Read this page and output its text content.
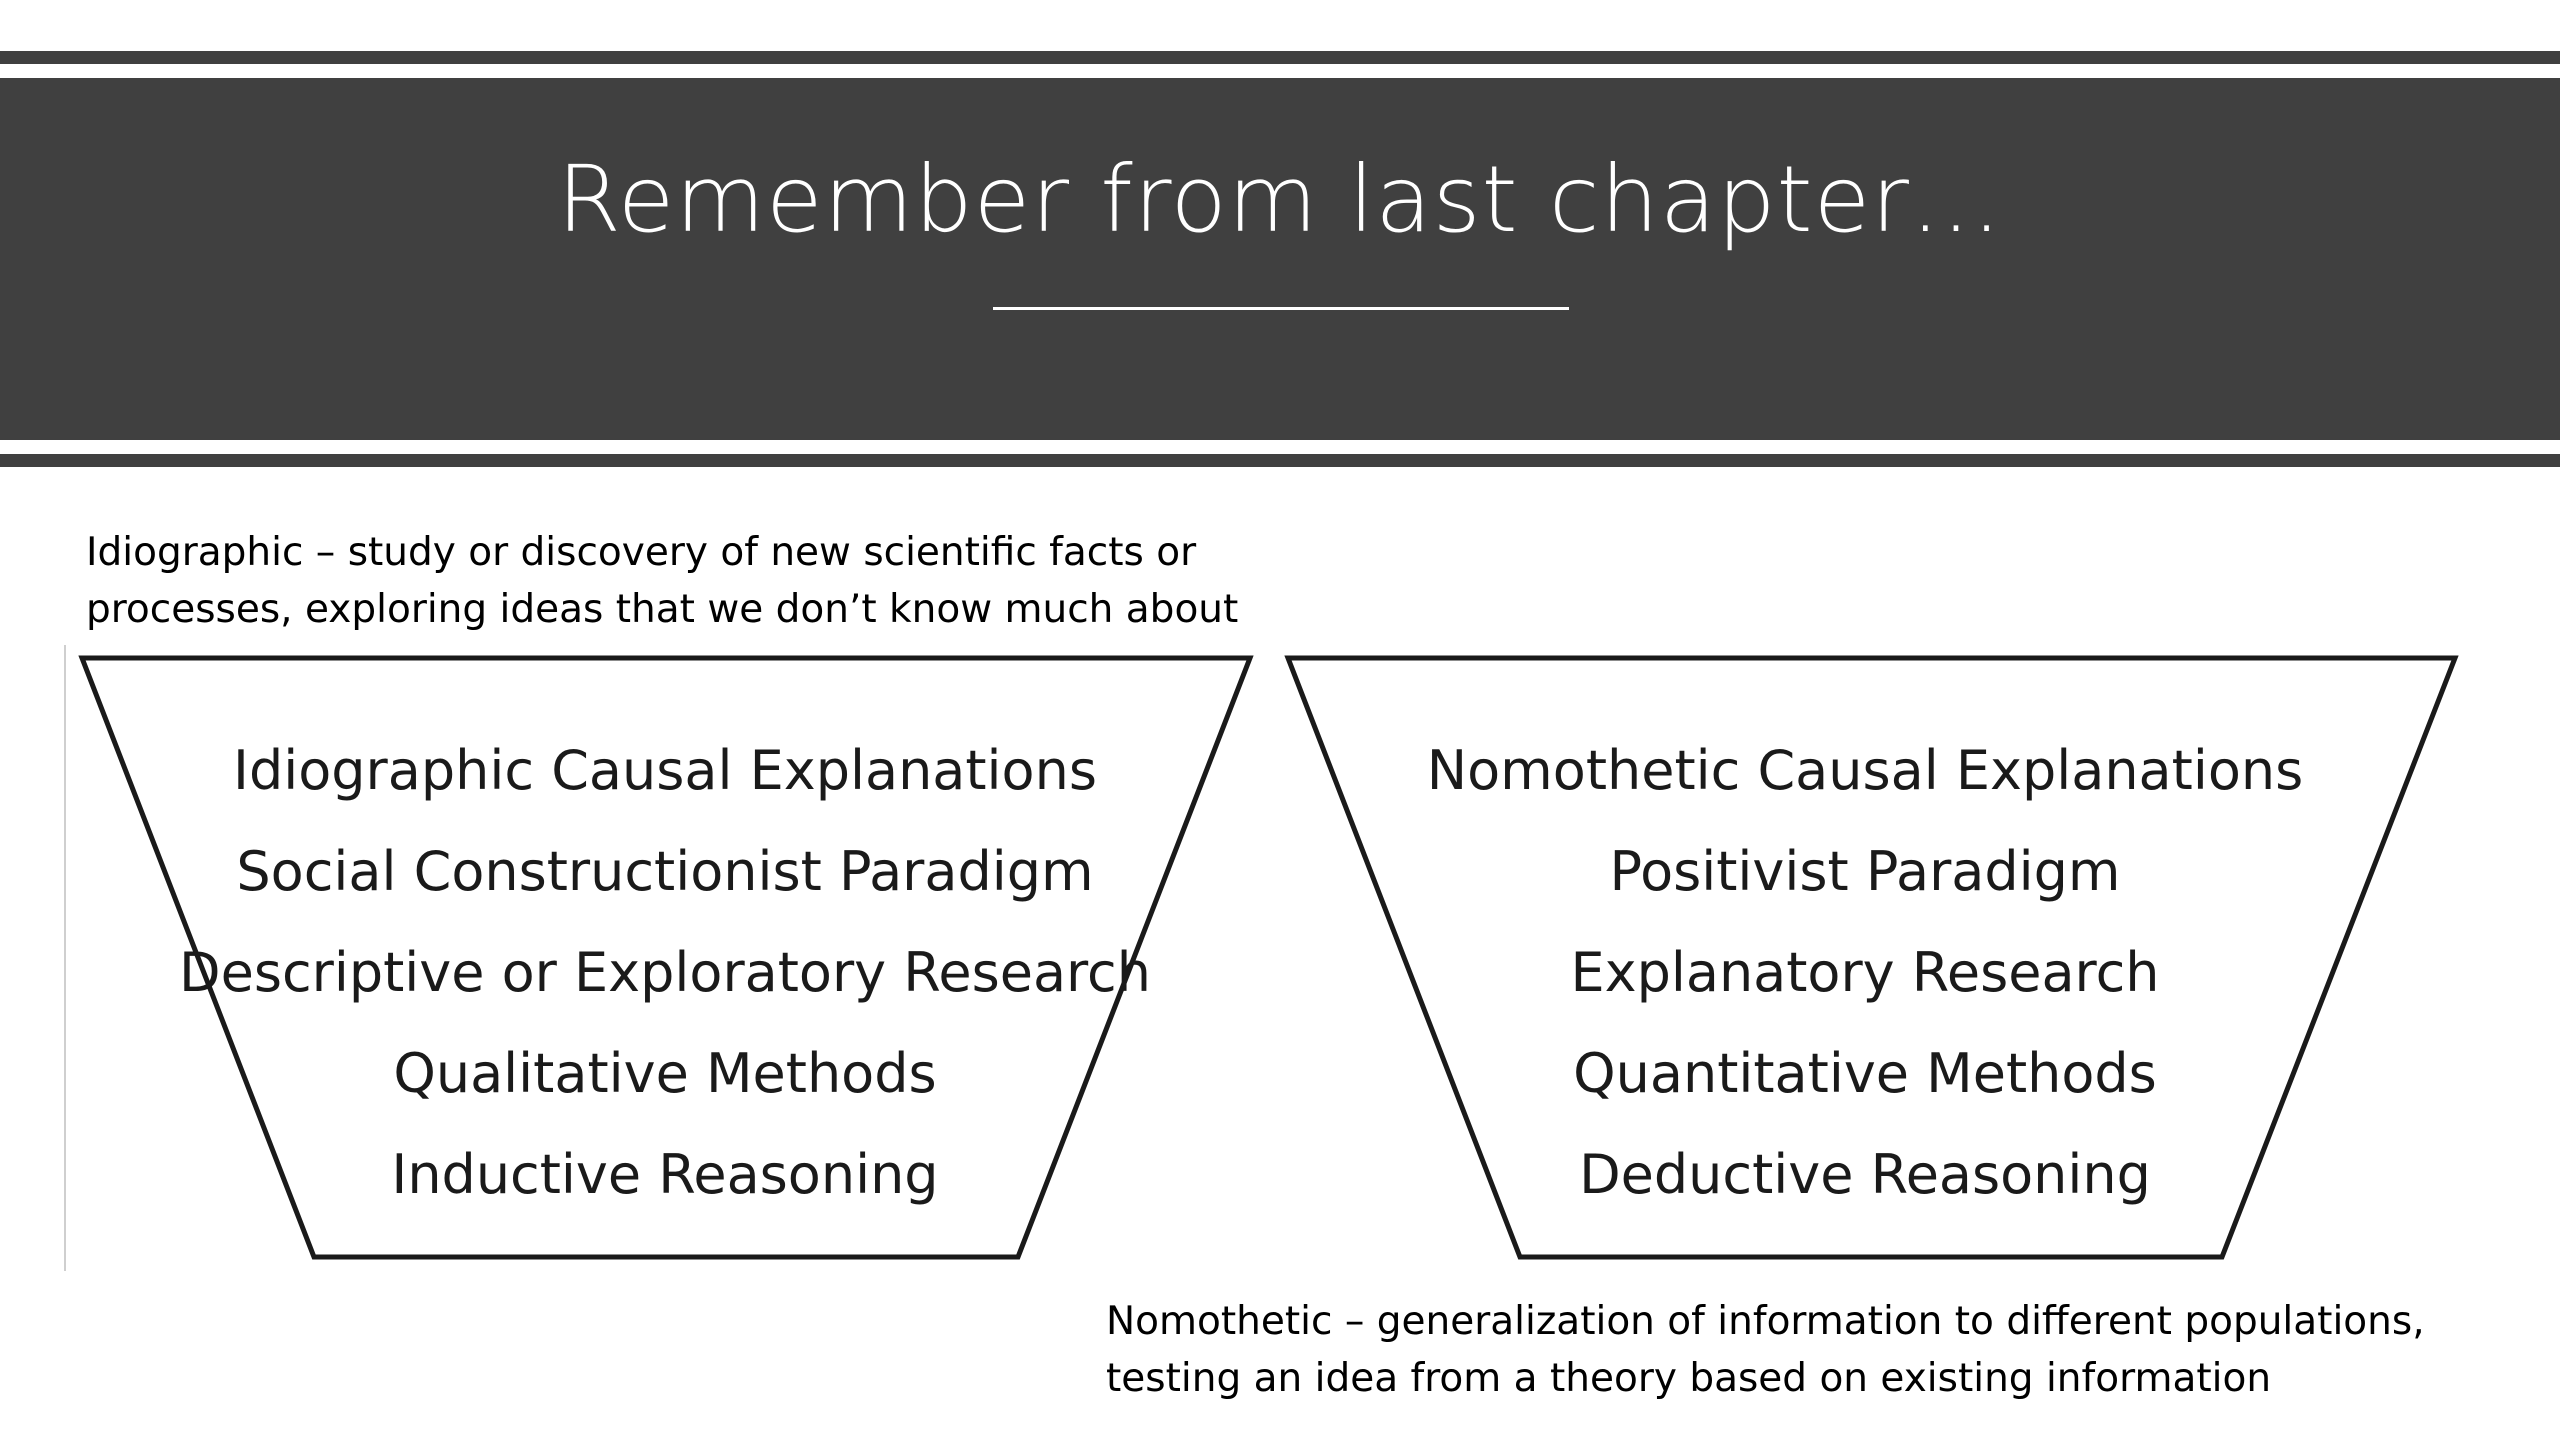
Remember from last chapter…
Idiographic – study or discovery of new scientific facts or
processes, exploring ideas that we don’t know much about
Idiographic Causal Explanations
Social Constructionist Paradigm
Descriptive or Exploratory Research
Qualitative Methods
Inductive Reasoning
Nomothetic Causal Explanations
Positivist Paradigm
Explanatory Research
Quantitative Methods
Deductive Reasoning
Nomothetic – generalization of information to different populations,
testing an idea from a theory based on existing information
